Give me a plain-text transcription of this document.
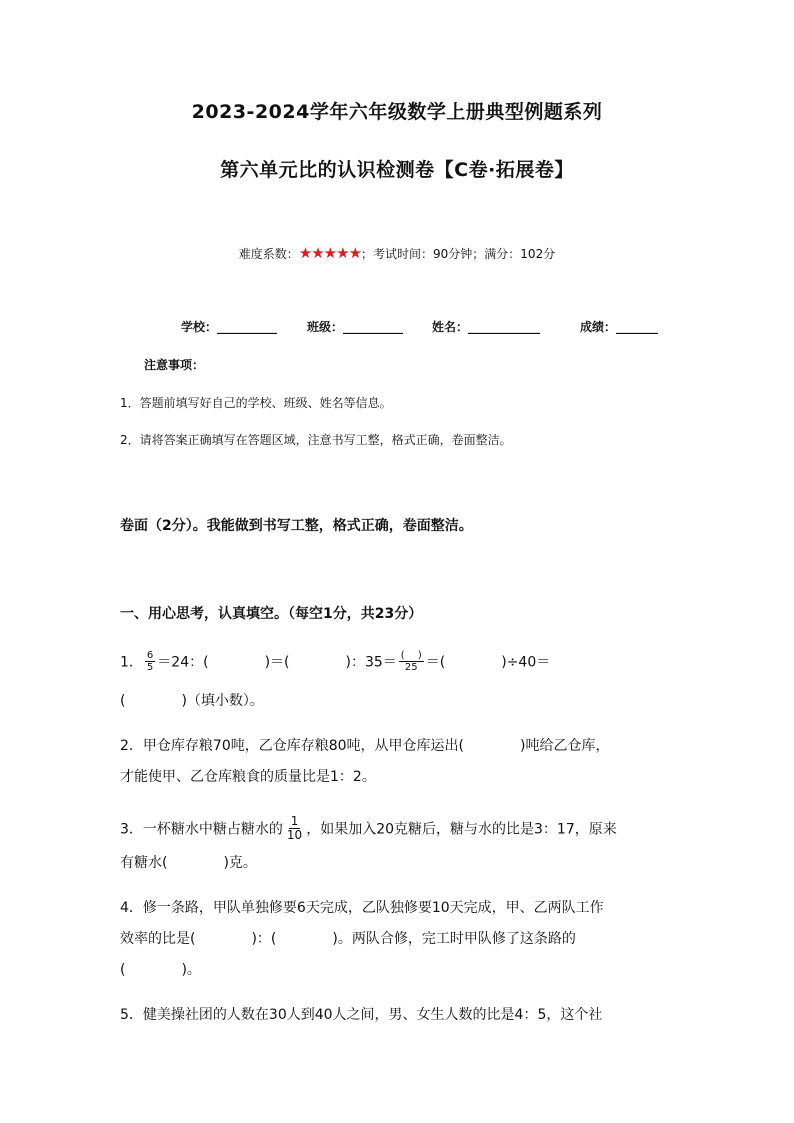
2023-2024学年六年级数学上册典型例题系列
第六单元比的认识检测卷【C卷·拓展卷】
难度系数：★★★★★；考试时间：90分钟；满分：102分
学校：__________ 班级：__________ 姓名：____________	成绩：_______
注意事项：
1．答题前填写好自己的学校、班级、姓名等信息。
2．请将答案正确填写在答题区域，注意书写工整，格式正确，卷面整洁。
卷面（2分）。我能做到书写工整，格式正确，卷面整洁。
一、用心思考，认真填空。（每空1分，共23分）
1． $\frac{6}{5} =24$：(　　　　)＝(　　　　)：$35= \frac{( )}{25}$ ＝(　　　　)÷40＝
(　　　　)（填小数）。
2．甲仓库存粮70吨，乙仓库存粮80吨，从甲仓库运出(　　　　)吨给乙仓库，
才能使甲、乙仓库粮食的质量比是1：2。
3．一杯糖水中糖占糖水的 $\frac{1}{10}$ ，如果加入20克糖后，糖与水的比是3：17，原来
有糖水(　　　　)克。
4．修一条路，甲队单独修要6天完成，乙队独修要10天完成，甲、乙两队工作
效率的比是(　　　　)：(　　　　)。两队合修，完工时甲队修了这条路的
(　　　　)。
5．健美操社团的人数在30人到40人之间，男、女生人数的比是4：5，这个社
